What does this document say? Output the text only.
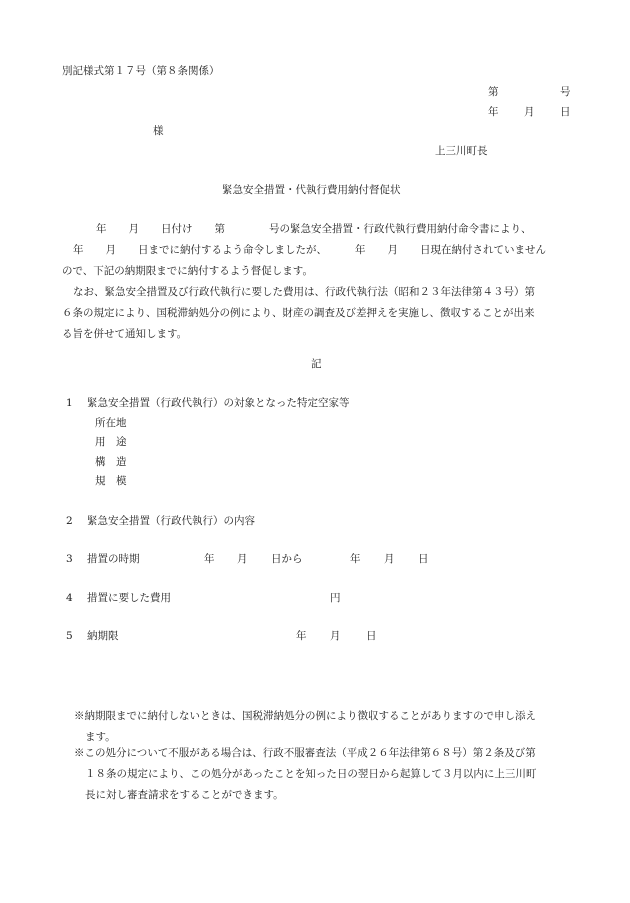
別記様式第１７号（第８条関係）
第	号
年 月 日
様
上三川町長
緊急安全措置・代執行費用納付督促状
年 月 日付け 第	号の緊急安全措置・行政代執行費用納付命令書により、
年 月 日までに納付するよう命令しましたが、	年 月 日現在納付されていません
ので、下記の納期限までに納付するよう督促します。
なお、緊急安全措置及び行政代執行に要した費用は、行政代執行法（昭和２３年法律第４３号）第
６条の規定により、国税滞納処分の例により、財産の調査及び差押えを実施し、徴収することが出来
る旨を併せて通知します。
記
1 緊急安全措置（行政代執行）の対象となった特定空家等
所在地
用　途
構　造
規　模
2 緊急安全措置（行政代執行）の内容
3 措置の時期	年 月 日から	年 月 日
4 措置に要した費用	円
5 納期限	年 月 日
※納期限までに納付しないときは、国税滞納処分の例により徴収することがありますので申し添え
ます。
※この処分について不服がある場合は、行政不服審査法（平成２６年法律第６８号）第２条及び第
１８条の規定により、この処分があったことを知った日の翌日から起算して３月以内に上三川町
長に対し審査請求をすることができます。
